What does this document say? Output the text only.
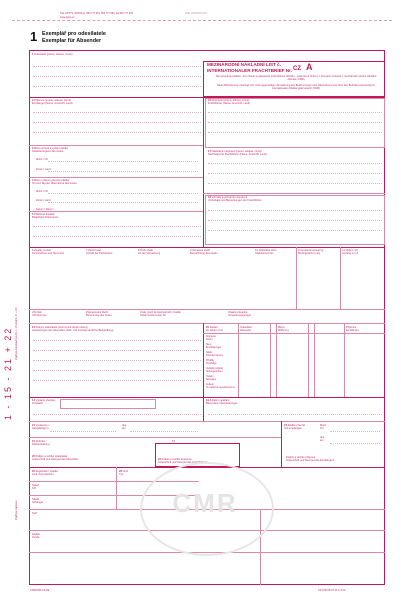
Tisk OPTYS, OPAVA tel. 553 777 951, 553 777 953, fax 553 777 978
www.optys.cz
ZDE ODTRHNOUT
1 Exemplář pro odesílatele
Exemplar für Absender
1 - 15 - 21 + 22 Vyplňuje odesílatel (oddíly 1 - 15 včetně, 21 + 22)
Vyplňuje dopravce
1 Odesílatel (jméno, adresa, země)
MEZINÁRODNÍ NÁKLADNÍ LIST č.
INTERNATIONALER FRACHTBRIEF Nr. CZ A
Tato přeprava podléhá - bez ohledu na jakoukoliv protichůdnou doložku - ustanovení Úmluvy o přepravní smlouvě v mezinárodní silniční nákladní dopravě (CMR)
Diese Beförderung unterliegt trotz einer gegenteiligen Abmachung den Bestimmungen des Übereinkommens über den Beförderungsvertrag im internationalen Straßengüterverkehr (CMR)
2 Příjemce (jméno, adresa, země)
Empfänger (Name, Anschrift, Land)
3 Místo určené k vydání zásilky
Auslieferungsort des Gutes
Místo / Ort
Země / Land
4 Místo a datum převzetí zásilky
Ort und Tag der Übernahme des Gutes
Místo / Ort
Země / Land
Datum / Datum
5 Přiložené doklady
Beigefügte Dokumente
16 Dopravce (jméno, adresa, země)
Frachtführer (Name, Anschrift, Land)
17 Následující dopravci (jméno, adresa, země)
Nachfolgende Frachtführer (Name, Anschrift, Land)
18 Výhrady a poznámky dopravce
Vorbehalte und Bemerkungen der Frachtführer
6 Značky a čísla
Kennzeichen und Nummern
7 Počet kusů
Anzahl der Packstücke
8 Druh obalu
Art der Verpackung
9 Označení zboží
Bezeichnung des Gutes
10 Statistické číslo
Statistiknummer
11 Hrubá hmotnost kg
Bruttogewicht in kg
12 Objem m3
Umfang in m3
UN číslo
UN-Nummer
Pojmenování zboží
Benennung des Gutes
Čísla vzorů bezpečnostních značek
Gefahrzettelmuster-Nr.
Obalová skupina
Verpackungsgruppe
13 Pokyny odesílatele (celní a jiné úřední úkony)
Anweisungen des Absenders (Zoll- und sonstige amtliche Behandlung)
20 Zaplatí
Zu zahlen vom
Odesílatel
Absender
Měna
Währung
Příjemce
Empfänger
Dopravné
Fracht
Slevy
Ermäßigungen
Saldo
Zwischensumme
Přirážky
Zuschläge
Vedlejší poplatky
Nebengebühren
Ostatní
Sonstiges
Celkem
Zu zahlende Gesamtsumme
14 Výplatní předpisy
Frankatur
19 Zvláštní ujednání
Besondere Vereinbarungen
21 Vystaveno v
Ausgefertigt in
dne
am
15 Dobírka
Rückerstattung
Kč
22 Podpis a razítko odesílatele
Unterschrift und Stempel des Absenders	23 Podpis a razítko dopravce
Unterschrift und Stempel des Frachtführers
24 Zásilku převzal
Gut empfangen
Místo
Ort
dne
am
Podpis a razítko příjemce
Unterschrift und Stempel des Empfängers
25 Registrační značka
Amtl. Kennzeichen
26 Druh
Typ
Tahač
Kfz
Návěs
Anhänger
Tarif
Zaplatí
Kunde
CMR
CMR/2008 CZ-DE	OP 1008 06.07.16 1/ 5.09
